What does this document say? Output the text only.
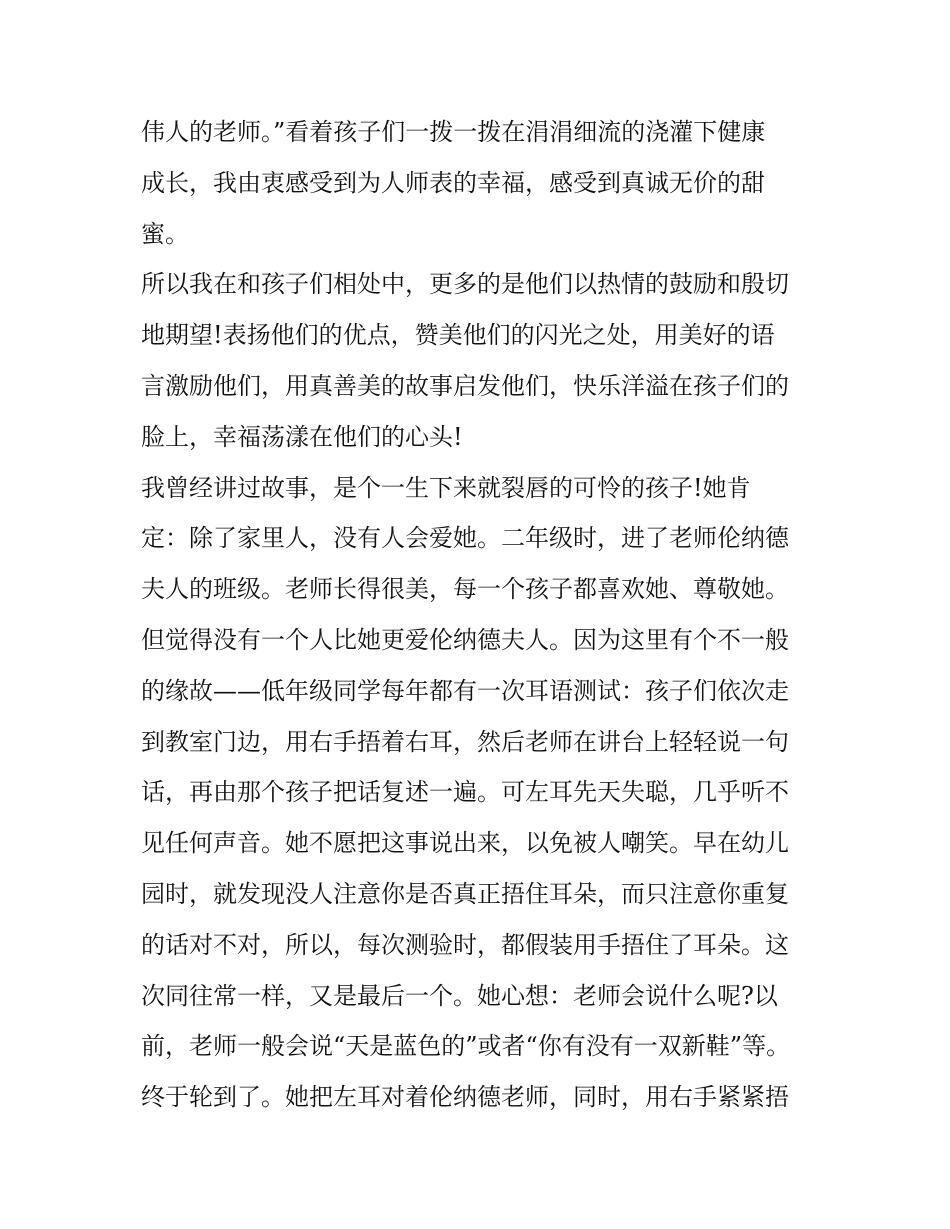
伟人的老师。”看着孩子们一拨一拨在涓涓细流的浇灌下健康
成长，我由衷感受到为人师表的幸福，感受到真诚无价的甜
蜜。
所以我在和孩子们相处中，更多的是他们以热情的鼓励和殷切
地期望!表扬他们的优点，赞美他们的闪光之处，用美好的语
言激励他们，用真善美的故事启发他们，快乐洋溢在孩子们的
脸上，幸福荡漾在他们的心头!
我曾经讲过故事，是个一生下来就裂唇的可怜的孩子!她肯
定：除了家里人，没有人会爱她。二年级时，进了老师伦纳德
夫人的班级。老师长得很美，每一个孩子都喜欢她、尊敬她。
但觉得没有一个人比她更爱伦纳德夫人。因为这里有个不一般
的缘故——低年级同学每年都有一次耳语测试：孩子们依次走
到教室门边，用右手捂着右耳，然后老师在讲台上轻轻说一句
话，再由那个孩子把话复述一遍。可左耳先天失聪，几乎听不
见任何声音。她不愿把这事说出来，以免被人嘲笑。早在幼儿
园时，就发现没人注意你是否真正捂住耳朵，而只注意你重复
的话对不对，所以，每次测验时，都假装用手捂住了耳朵。这
次同往常一样，又是最后一个。她心想：老师会说什么呢?以
前，老师一般会说“天是蓝色的”或者“你有没有一双新鞋”等。
终于轮到了。她把左耳对着伦纳德老师，同时，用右手紧紧捂
